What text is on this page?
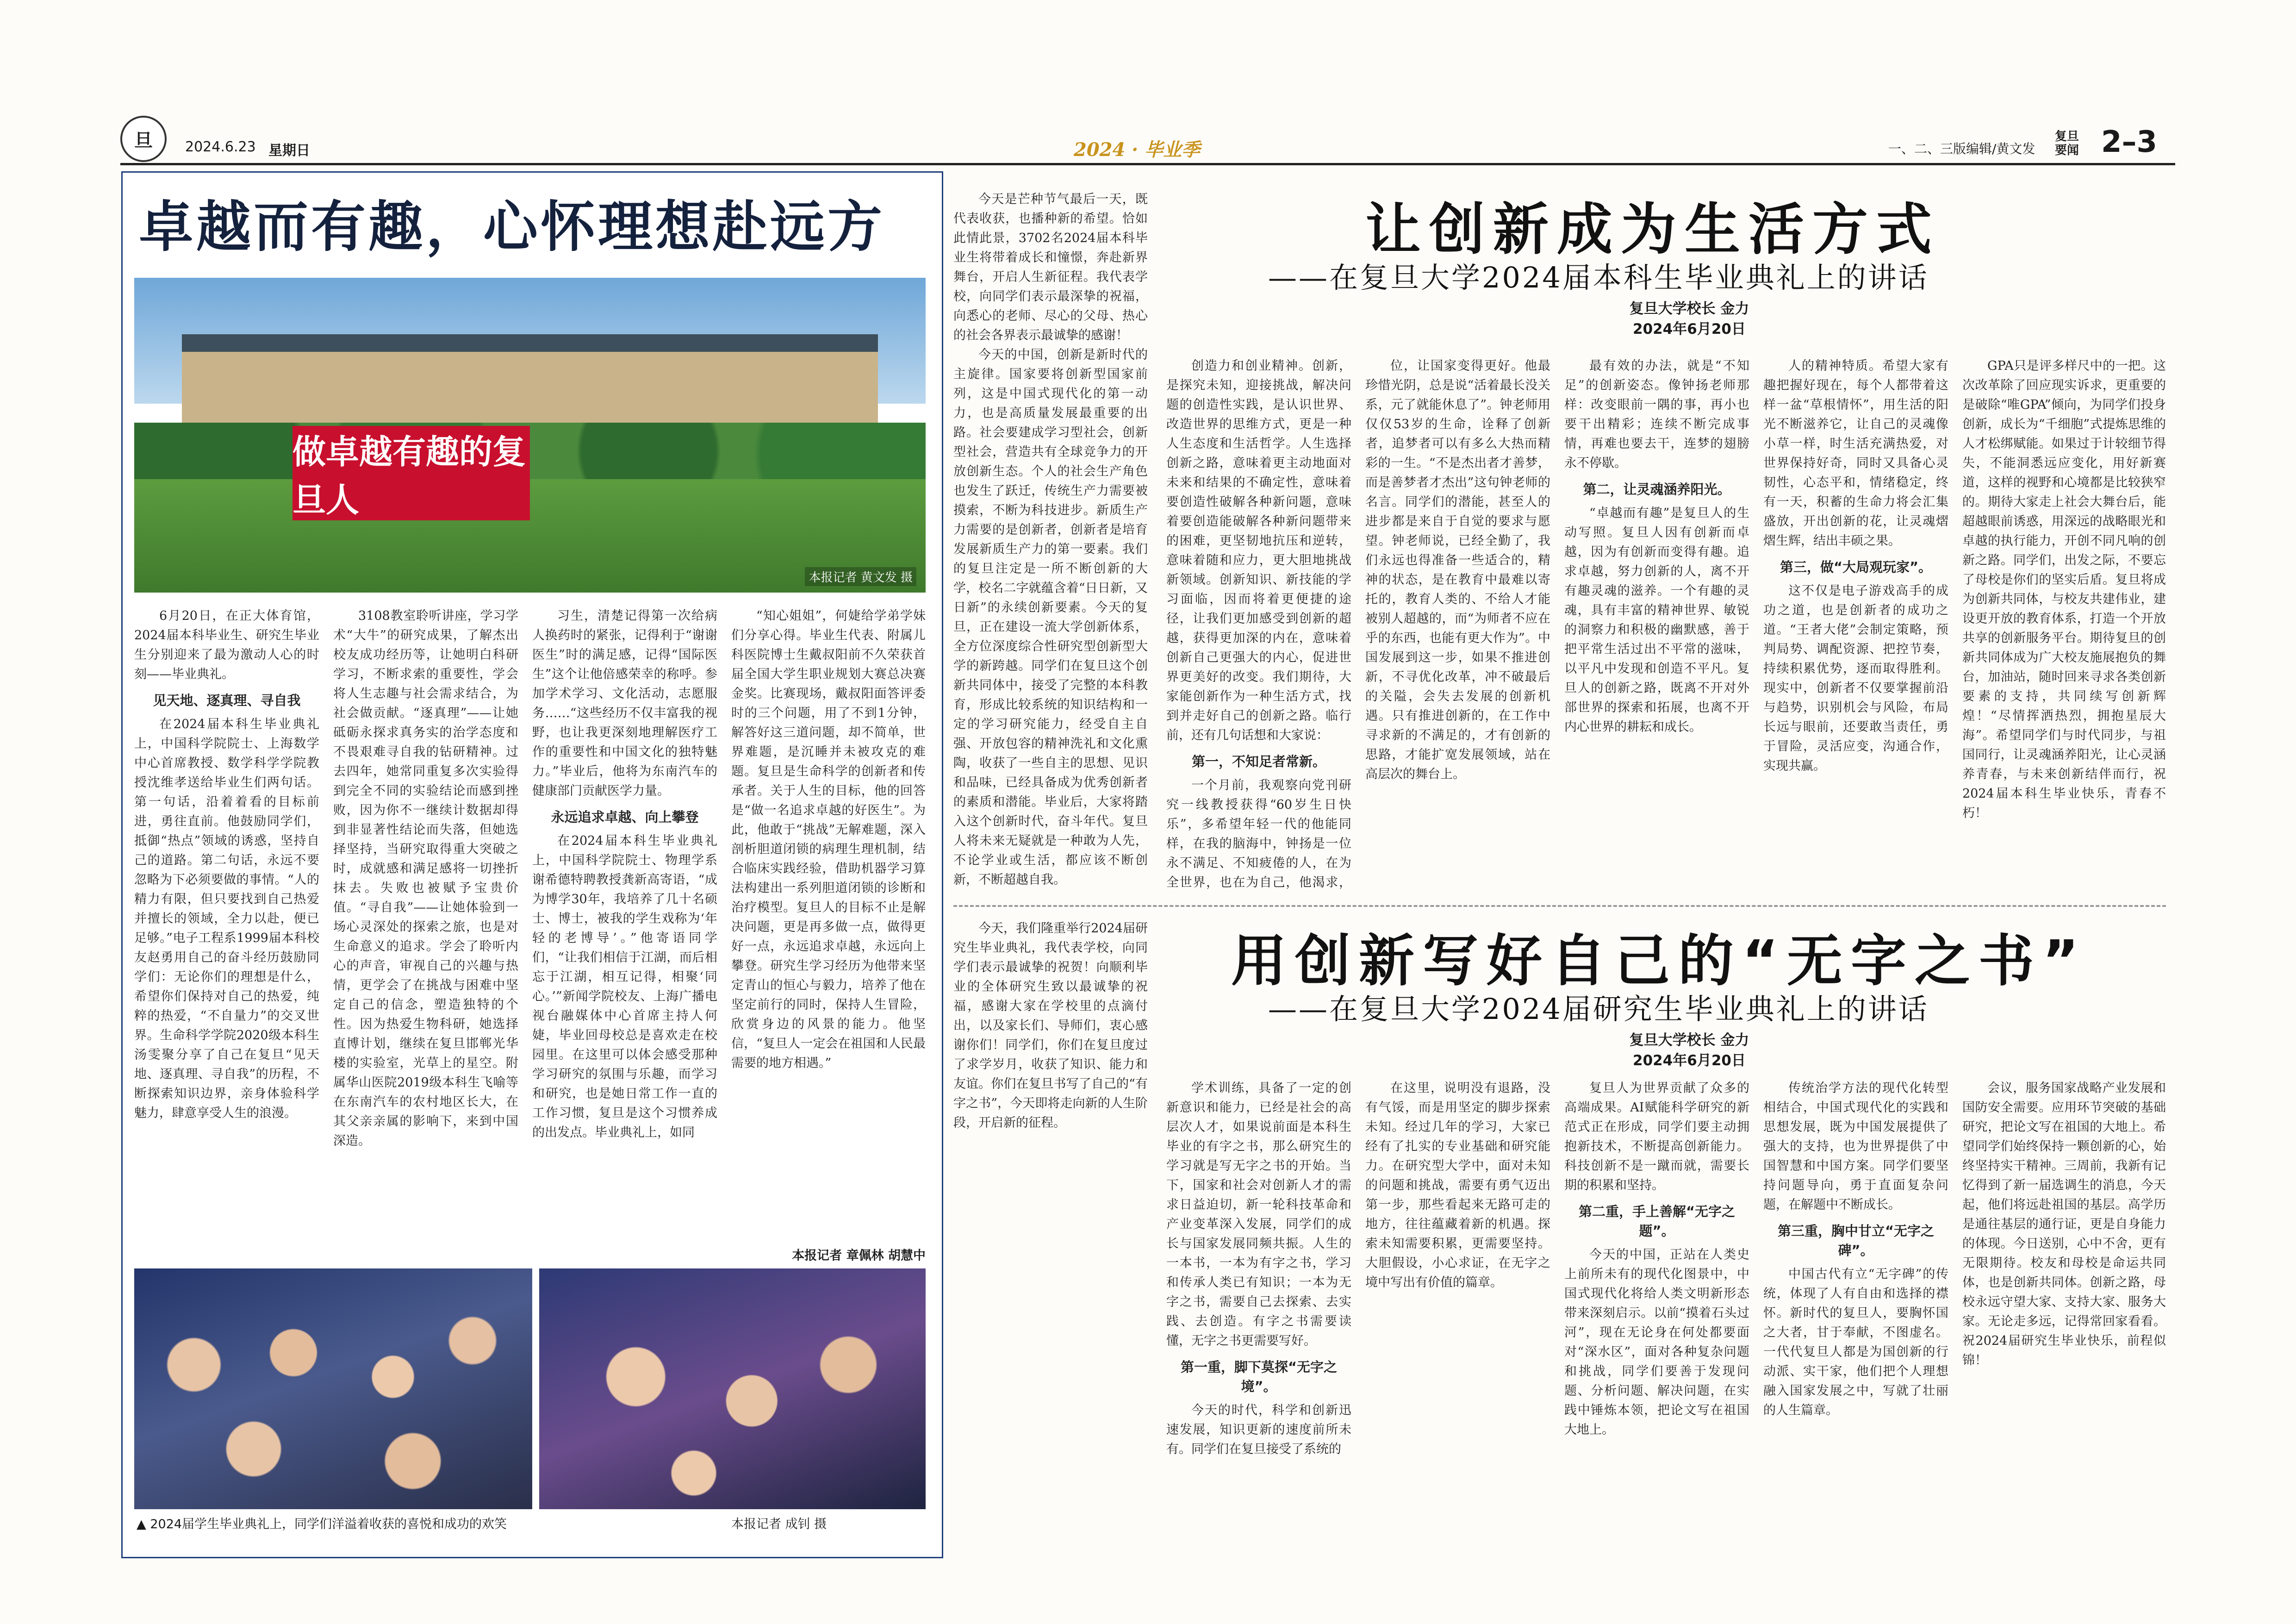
旦	2024.6.23 星期日	2024 · 毕业季	一、二、三版编辑/黄文发
复旦
要闻 2–3
卓越而有趣，心怀理想赴远方
做卓越有趣的复旦人
本报记者 黄文发 摄

6月20日，在正大体育馆，2024届本科毕业生、研究生毕业生分别迎来了最为激动人心的时刻——毕业典礼。

见天地、逐真理、寻自我

在2024届本科生毕业典礼上，中国科学院院士、上海数学中心首席教授、数学科学学院教授沈维孝送给毕业生们两句话。第一句话，沿着着看的目标前进，勇往直前。他鼓励同学们，抵御“热点”领域的诱惑，坚持自己的道路。第二句话，永远不要忽略为下必须要做的事情。“人的精力有限，但只要找到自己热爱并擅长的领域，全力以赴，便已足够。”电子工程系1999届本科校友赵勇用自己的奋斗经历鼓励同学们：无论你们的理想是什么，希望你们保持对自己的热爱，纯粹的热爱，“不自量力”的交叉世界。生命科学学院2020级本科生汤雯聚分享了自己在复旦“见天地、逐真理、寻自我”的历程，不断探索知识边界，亲身体验科学魅力，肆意享受人生的浪漫。

3108教室聆听讲座，学习学术“大牛”的研究成果，了解杰出校友成功经历等，让她明白科研学习，不断求索的重要性，学会将人生志趣与社会需求结合，为社会做贡献。“逐真理”——让她砥砺永探求真务实的治学态度和不畏艰难寻自我的钻研精神。过去四年，她常同重复多次实验得到完全不同的实验结论而感到挫败，因为你不一继续计数据却得到非显著性结论而失落，但她选择坚持，当研究取得重大突破之时，成就感和满足感将一切挫折抹去。失败也被赋予宝贵价值。“寻自我”——让她体验到一场心灵深处的探索之旅，也是对生命意义的追求。学会了聆听内心的声音，审视自己的兴趣与热情，更学会了在挑战与困难中坚定自己的信念，塑造独特的个性。因为热爱生物科研，她选择直博计划，继续在复旦邯郸光华楼的实验室，光草上的星空。附属华山医院2019级本科生飞喻等在东南汽车的农村地区长大，在其父亲亲属的影响下，来到中国深造。

习生，清楚记得第一次给病人换药时的紧张，记得利于“谢谢医生”时的满足感，记得“国际医生”这个让他倍感荣幸的称呼。参加学术学习、文化活动，志愿服务……“这些经历不仅丰富我的视野，也让我更深刻地理解医疗工作的重要性和中国文化的独特魅力。”毕业后，他将为东南汽车的健康部门贡献医学力量。

永远追求卓越、向上攀登

在2024届本科生毕业典礼上，中国科学院院士、物理学系谢希德特聘教授龚新高寄语，“成为博学30年，我培养了几十名硕士、博士，被我的学生戏称为‘年轻的老博导’。”他寄语同学们，“让我们相信于江湖，而后相忘于江湖，相互记得，相聚‘同心。’”新闻学院校友、上海广播电视台融媒体中心首席主持人何婕，毕业回母校总是喜欢走在校园里。在这里可以体会感受那种学习研究的氛围与乐趣，而学习和研究，也是她日常工作一直的工作习惯，复旦是这个习惯养成的出发点。毕业典礼上，如同

“知心姐姐”，何婕给学弟学妹们分享心得。毕业生代表、附属儿科医院博士生戴叔阳前不久荣获首届全国大学生职业规划大赛总决赛金奖。比赛现场，戴叔阳面答评委时的三个问题，用了不到1分钟，解答好这三道问题，却不简单，世界难题，是沉睡并未被攻克的难题。复旦是生命科学的创新者和传承者。关于人生的目标，他的回答是“做一名追求卓越的好医生”。为此，他敢于“挑战”无解难题，深入剖析胆道闭锁的病理生理机制，结合临床实践经验，借助机器学习算法构建出一系列胆道闭锁的诊断和治疗模型。复旦人的目标不止是解决问题，更是再多做一点，做得更好一点，永远追求卓越，永远向上攀登。研究生学习经历为他带来坚定青山的恒心与毅力，培养了他在坚定前行的同时，保持人生冒险，欣赏身边的风景的能力。他坚信，“复旦人一定会在祖国和人民最需要的地方相遇。”

本报记者 章佩林 胡慧中
▲ 2024届学生毕业典礼上，同学们洋溢着收获的喜悦和成功的欢笑	本报记者 成钊 摄
让创新成为生活方式
——在复旦大学2024届本科生毕业典礼上的讲话
复旦大学校长 金力
2024年6月20日

今天是芒种节气最后一天，既代表收获，也播种新的希望。恰如此情此景，3702名2024届本科毕业生将带着成长和憧憬，奔赴新界舞台，开启人生新征程。我代表学校，向同学们表示最深挚的祝福，向悉心的老师、尽心的父母、热心的社会各界表示最诚挚的感谢！

今天的中国，创新是新时代的主旋律。国家要将创新型国家前列，这是中国式现代化的第一动力，也是高质量发展最重要的出路。社会要建成学习型社会，创新型社会，营造共有全球竞争力的开放创新生态。个人的社会生产角色也发生了跃迁，传统生产力需要被摸索，不断为科技进步。新质生产力需要的是创新者，创新者是培育发展新质生产力的第一要素。我们的复旦注定是一所不断创新的大学，校名二字就蕴含着“日日新，又日新”的永续创新要素。今天的复旦，正在建设一流大学创新体系，全方位深度综合性研究型创新型大学的新跨越。同学们在复旦这个创新共同体中，接受了完整的本科教育，形成比较系统的知识结构和一定的学习研究能力，经受自主自强、开放包容的精神洗礼和文化熏陶，收获了一些自主的思想、见识和品味，已经具备成为优秀创新者的素质和潜能。毕业后，大家将踏入这个创新时代，奋斗年代。复旦人将未来无疑就是一种敢为人先，不论学业或生活，都应该不断创新，不断超越自我。

创造力和创业精神。创新，是探究未知，迎接挑战，解决问题的创造性实践，是认识世界、改造世界的思维方式，更是一种人生态度和生活哲学。人生选择创新之路，意味着更主动地面对未来和结果的不确定性，意味着要创造性破解各种新问题，意味着要创造能破解各种新问题带来的困难，更坚韧地抗压和逆转，意味着随和应力，更大胆地挑战新领域。创新知识、新技能的学习面临，因而将着更便捷的途径，让我们更加感受到创新的超越，获得更加深的内在，意味着创新自己更强大的内心，促进世界更美好的改变。我们期待，大家能创新作为一种生活方式，找到并走好自己的创新之路。临行前，还有几句话想和大家说：

第一，不知足者常新。

一个月前，我观察向党刊研究一线教授获得“60岁生日快乐”，多希望年轻一代的他能同样，在我的脑海中，钟扬是一位永不满足、不知疲倦的人，在为全世界，也在为自己，他渴求，

位，让国家变得更好。他最珍惜光阴，总是说“活着最长没关系，元了就能休息了”。钟老师用仅仅53岁的生命，诠释了创新者，追梦者可以有多么大热而精彩的一生。“不是杰出者才善梦，而是善梦者才杰出”这句钟老师的名言。同学们的潜能，甚至人的进步都是来自于自觉的要求与愿望。钟老师说，已经全勤了，我们永远也得准备一些适合的，精神的状态，是在教育中最难以寄托的，教育人类的、不给人才能被别人超越的，而“为师者不应在乎的东西，也能有更大作为”。中国发展到这一步，如果不推进创新，不寻优化改革，冲不破最后的关隘，会失去发展的创新机遇。只有推进创新的，在工作中寻求新的不满足的，才有创新的思路，才能扩宽发展领域，站在高层次的舞台上。

最有效的办法，就是“不知足”的创新姿态。像钟扬老师那样：改变眼前一隅的事，再小也要干出精彩；连续不断完成事情，再难也要去干，连梦的翅膀永不停歇。

第二，让灵魂涵养阳光。

“卓越而有趣”是复旦人的生动写照。复旦人因有创新而卓越，因为有创新而变得有趣。追求卓越，努力创新的人，离不开有趣灵魂的滋养。一个有趣的灵魂，具有丰富的精神世界、敏锐的洞察力和积极的幽默感，善于把平常生活过出不平常的滋味，以平凡中发现和创造不平凡。复旦人的创新之路，既离不开对外部世界的探索和拓展，也离不开内心世界的耕耘和成长。

人的精神特质。希望大家有趣把握好现在，每个人都带着这样一盆“草根情怀”，用生活的阳光不断滋养它，让自己的灵魂像小草一样，时生活充满热爱，对世界保持好奇，同时又具备心灵韧性，心态平和，情绪稳定，终有一天，积蓄的生命力将会汇集盛放，开出创新的花，让灵魂熠熠生辉，结出丰硕之果。

第三，做“大局观玩家”。

这不仅是电子游戏高手的成功之道，也是创新者的成功之道。“王者大佬”会制定策略，预判局势、调配资源、把控节奏，持续积累优势，逐而取得胜利。现实中，创新者不仅要掌握前沿与趋势，识别机会与风险，布局长远与眼前，还要敢当责任，勇于冒险，灵活应变，沟通合作，实现共赢。

GPA只是评多样尺中的一把。这次改革除了回应现实诉求，更重要的是破除“唯GPA”倾向，为同学们投身创新，成长为“千细胞”式提炼思维的人才松绑赋能。如果过于计较细节得失，不能洞悉远应变化，用好新赛道，这样的视野和心境都是比较狭窄的。期待大家走上社会大舞台后，能超越眼前诱惑，用深远的战略眼光和卓越的执行能力，开创不同凡响的创新之路。同学们，出发之际，不要忘了母校是你们的坚实后盾。复旦将成为创新共同体，与校友共建伟业，建设更开放的教育体系，打造一个开放共享的创新服务平台。期待复旦的创新共同体成为广大校友施展抱负的舞台，加油站，随时回来寻求各类创新要素的支持，共同续写创新辉煌！“尽情挥洒热烈，拥抱星辰大海”。希望同学们与时代同步，与祖国同行，让灵魂涵养阳光，让心灵涵养青春，与未来创新结伴而行，祝2024届本科生毕业快乐，青春不朽！

用创新写好自己的“无字之书”
——在复旦大学2024届研究生毕业典礼上的讲话
复旦大学校长 金力
2024年6月20日

今天，我们隆重举行2024届研究生毕业典礼，我代表学校，向同学们表示最诚挚的祝贺！向顺利毕业的全体研究生致以最诚挚的祝福，感谢大家在学校里的点滴付出，以及家长们、导师们，衷心感谢你们！同学们，你们在复旦度过了求学岁月，收获了知识、能力和友谊。你们在复旦书写了自己的“有字之书”，今天即将走向新的人生阶段，开启新的征程。

学术训练，具备了一定的创新意识和能力，已经是社会的高层次人才，如果说前面是本科生毕业的有字之书，那么研究生的学习就是写无字之书的开始。当下，国家和社会对创新人才的需求日益迫切，新一轮科技革命和产业变革深入发展，同学们的成长与国家发展同频共振。人生的一本书，一本为有字之书，学习和传承人类已有知识；一本为无字之书，需要自己去探索、去实践、去创造。有字之书需要读懂，无字之书更需要写好。

第一重，脚下莫探“无字之境”。

今天的时代，科学和创新迅速发展，知识更新的速度前所未有。同学们在复旦接受了系统的

在这里，说明没有退路，没有气馁，而是用坚定的脚步探索未知。经过几年的学习，大家已经有了扎实的专业基础和研究能力。在研究型大学中，面对未知的问题和挑战，需要有勇气迈出第一步，那些看起来无路可走的地方，往往蕴藏着新的机遇。探索未知需要积累，更需要坚持。大胆假设，小心求证，在无字之境中写出有价值的篇章。

复旦人为世界贡献了众多的高端成果。AI赋能科学研究的新范式正在形成，同学们要主动拥抱新技术，不断提高创新能力。科技创新不是一蹴而就，需要长期的积累和坚持。

第二重，手上善解“无字之题”。

今天的中国，正站在人类史上前所未有的现代化图景中，中国式现代化将给人类文明新形态带来深刻启示。以前“摸着石头过河”，现在无论身在何处都要面对“深水区”，面对各种复杂问题和挑战，同学们要善于发现问题、分析问题、解决问题，在实践中锤炼本领，把论文写在祖国大地上。

传统治学方法的现代化转型相结合，中国式现代化的实践和思想发展，既为中国发展提供了强大的支持，也为世界提供了中国智慧和中国方案。同学们要坚持问题导向，勇于直面复杂问题，在解题中不断成长。

第三重，胸中甘立“无字之碑”。

中国古代有立“无字碑”的传统，体现了人有自由和选择的襟怀。新时代的复旦人，要胸怀国之大者，甘于奉献，不图虚名。一代代复旦人都是为国创新的行动派、实干家，他们把个人理想融入国家发展之中，写就了壮丽的人生篇章。

会议，服务国家战略产业发展和国防安全需要。应用环节突破的基础研究，把论文写在祖国的大地上。希望同学们始终保持一颗创新的心，始终坚持实干精神。三周前，我新有记忆得到了新一届选调生的消息，今天起，他们将远赴祖国的基层。高学历是通往基层的通行证，更是自身能力的体现。今日送别，心中不舍，更有无限期待。校友和母校是命运共同体，也是创新共同体。创新之路，母校永远守望大家、支持大家、服务大家。无论走多远，记得常回家看看。祝2024届研究生毕业快乐，前程似锦！
